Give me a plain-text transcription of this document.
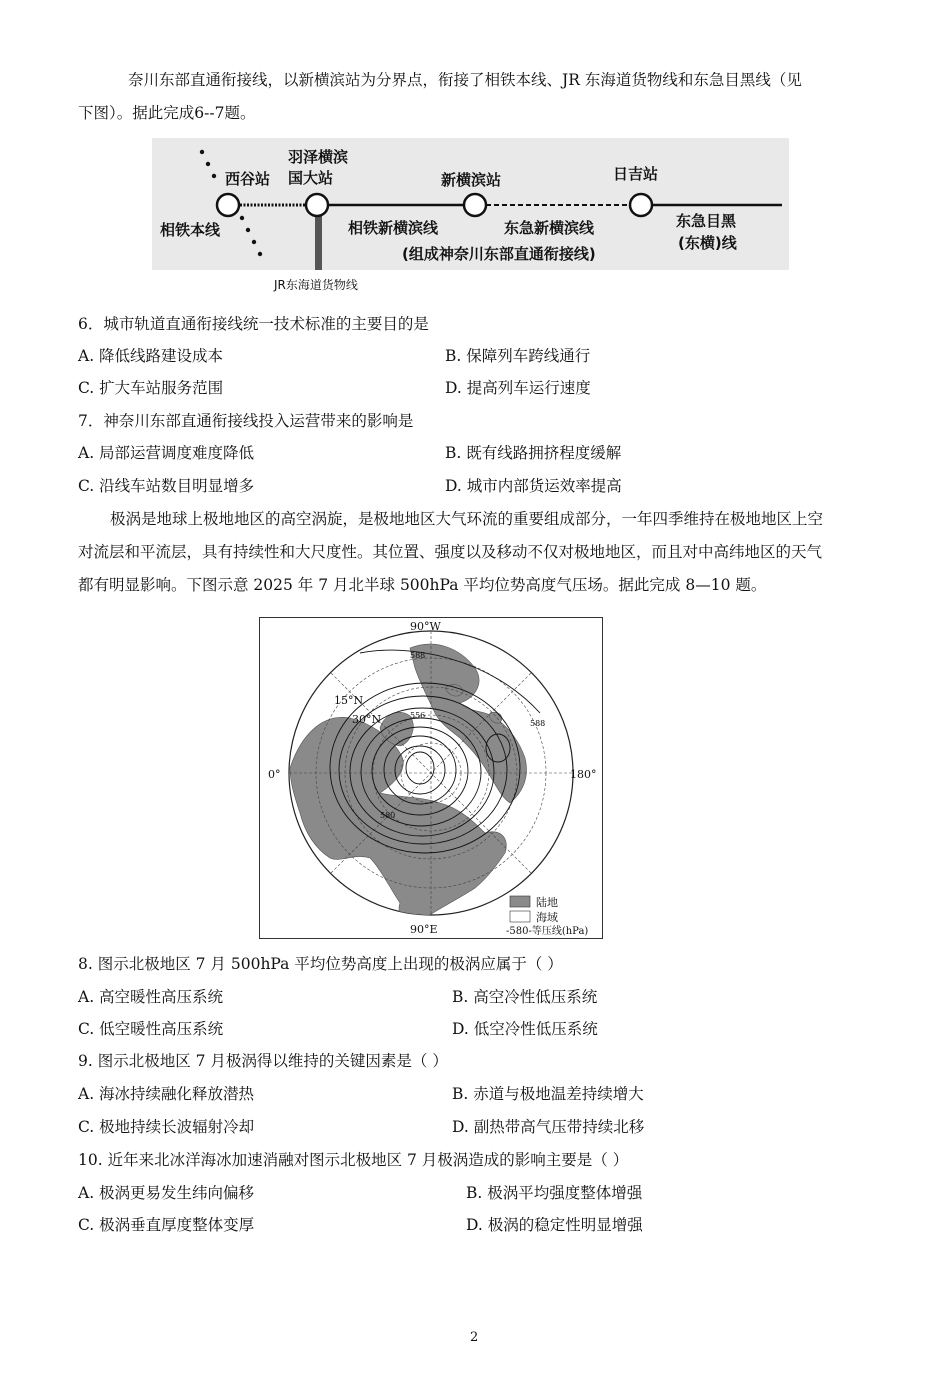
奈川东部直通衔接线，以新横滨站为分界点，衔接了相铁本线、JR 东海道货物线和东急目黑线（见
下图）。据此完成6--7题。
西谷站
羽泽横滨
国大站	新横滨站	日吉站
相铁本线	相铁新横滨线	东急新横滨线
(组成神奈川东部直通衔接线)
东急目黑
(东横)线
JR东海道货物线
6．城市轨道直通衔接线统一技术标准的主要目的是
A. 降低线路建设成本	B. 保障列车跨线通行
C. 扩大车站服务范围	D. 提高列车运行速度
7．神奈川东部直通衔接线投入运营带来的影响是
A. 局部运营调度难度降低	B. 既有线路拥挤程度缓解
C. 沿线车站数目明显增多	D. 城市内部货运效率提高
极涡是地球上极地地区的高空涡旋，是极地地区大气环流的重要组成部分，一年四季维持在极地地区上空
对流层和平流层，具有持续性和大尺度性。其位置、强度以及移动不仅对极地地区，而且对中高纬地区的天气
都有明显影响。下图示意 2025 年 7 月北半球 500hPa 平均位势高度气压场。据此完成 8—10 题。
90°W
90°E
0°	180°
15°N
30°N
588
588
556
580
陆地
海域
-580-等压线(hPa)
8. 图示北极地区 7 月 500hPa 平均位势高度上出现的极涡应属于（ ）
A. 高空暖性高压系统	B. 高空冷性低压系统
C. 低空暖性高压系统	D. 低空冷性低压系统
9. 图示北极地区 7 月极涡得以维持的关键因素是（ ）
A. 海冰持续融化释放潜热	B. 赤道与极地温差持续增大
C. 极地持续长波辐射冷却	D. 副热带高气压带持续北移
10. 近年来北冰洋海冰加速消融对图示北极地区 7 月极涡造成的影响主要是（ ）
A. 极涡更易发生纬向偏移	B. 极涡平均强度整体增强
C. 极涡垂直厚度整体变厚	D. 极涡的稳定性明显增强
2
